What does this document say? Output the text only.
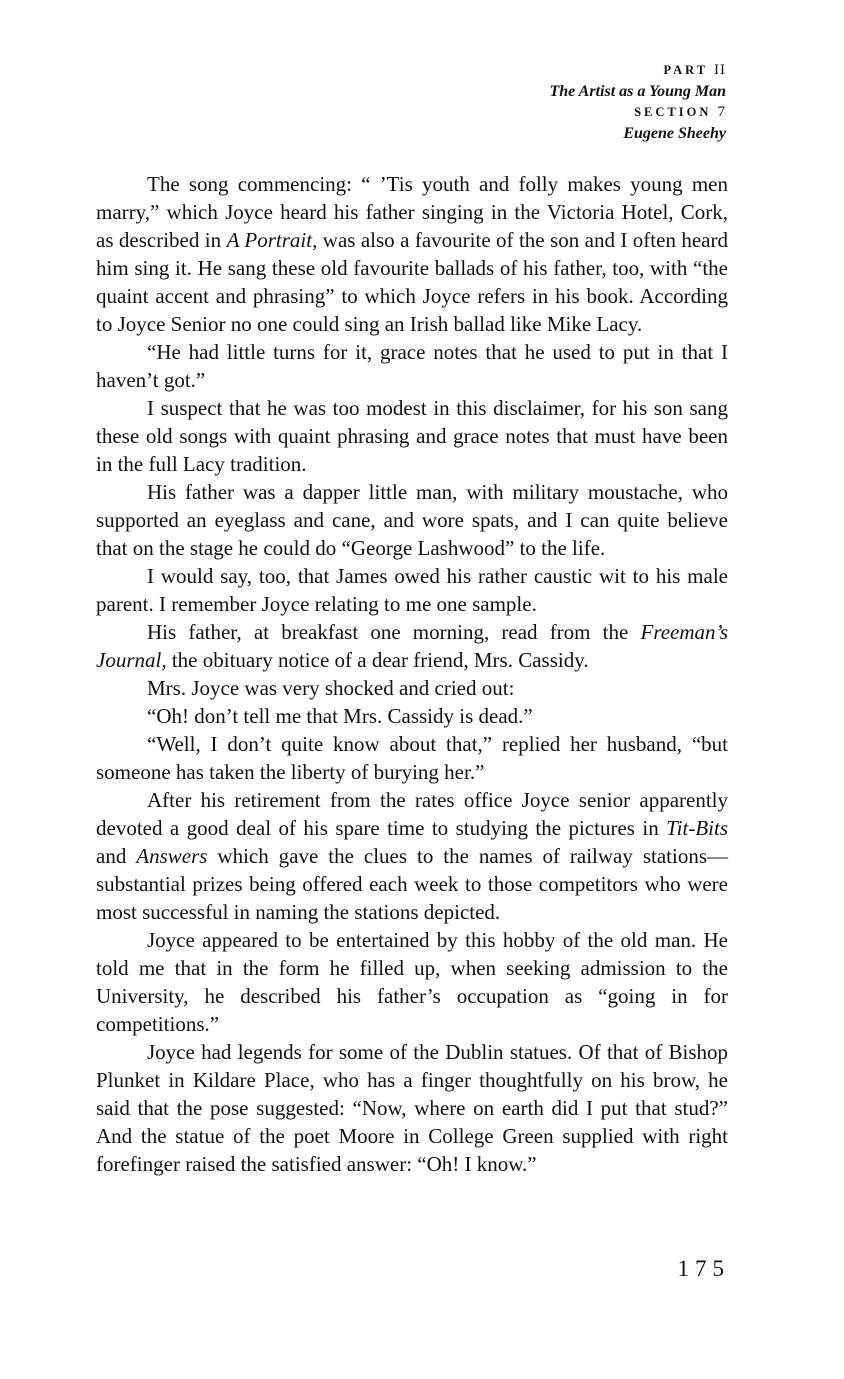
PART II
The Artist as a Young Man
SECTION 7
Eugene Sheehy

The song commencing: “ ’Tis youth and folly makes young men marry,” which Joyce heard his father singing in the Victoria Hotel, Cork, as described in A Portrait, was also a favourite of the son and I often heard him sing it. He sang these old favourite ballads of his father, too, with “the quaint accent and phrasing” to which Joyce refers in his book. According to Joyce Senior no one could sing an Irish ballad like Mike Lacy.

“He had little turns for it, grace notes that he used to put in that I haven’t got.”

I suspect that he was too modest in this disclaimer, for his son sang these old songs with quaint phrasing and grace notes that must have been in the full Lacy tradition.

His father was a dapper little man, with military moustache, who supported an eyeglass and cane, and wore spats, and I can quite believe that on the stage he could do “George Lashwood” to the life.

I would say, too, that James owed his rather caustic wit to his male parent. I remember Joyce relating to me one sample.

His father, at breakfast one morning, read from the Freeman’s Journal, the obituary notice of a dear friend, Mrs. Cassidy.

Mrs. Joyce was very shocked and cried out:

“Oh! don’t tell me that Mrs. Cassidy is dead.”

“Well, I don’t quite know about that,” replied her husband, “but someone has taken the liberty of burying her.”

After his retirement from the rates office Joyce senior apparently devoted a good deal of his spare time to studying the pictures in Tit-Bits and Answers which gave the clues to the names of railway stations—substantial prizes being offered each week to those competitors who were most successful in naming the stations depicted.

Joyce appeared to be entertained by this hobby of the old man. He told me that in the form he filled up, when seeking admission to the University, he described his father’s occupation as “going in for competitions.”

Joyce had legends for some of the Dublin statues. Of that of Bishop Plunket in Kildare Place, who has a finger thoughtfully on his brow, he said that the pose suggested: “Now, where on earth did I put that stud?” And the statue of the poet Moore in College Green supplied with right forefinger raised the satisfied answer: “Oh! I know.”

175
